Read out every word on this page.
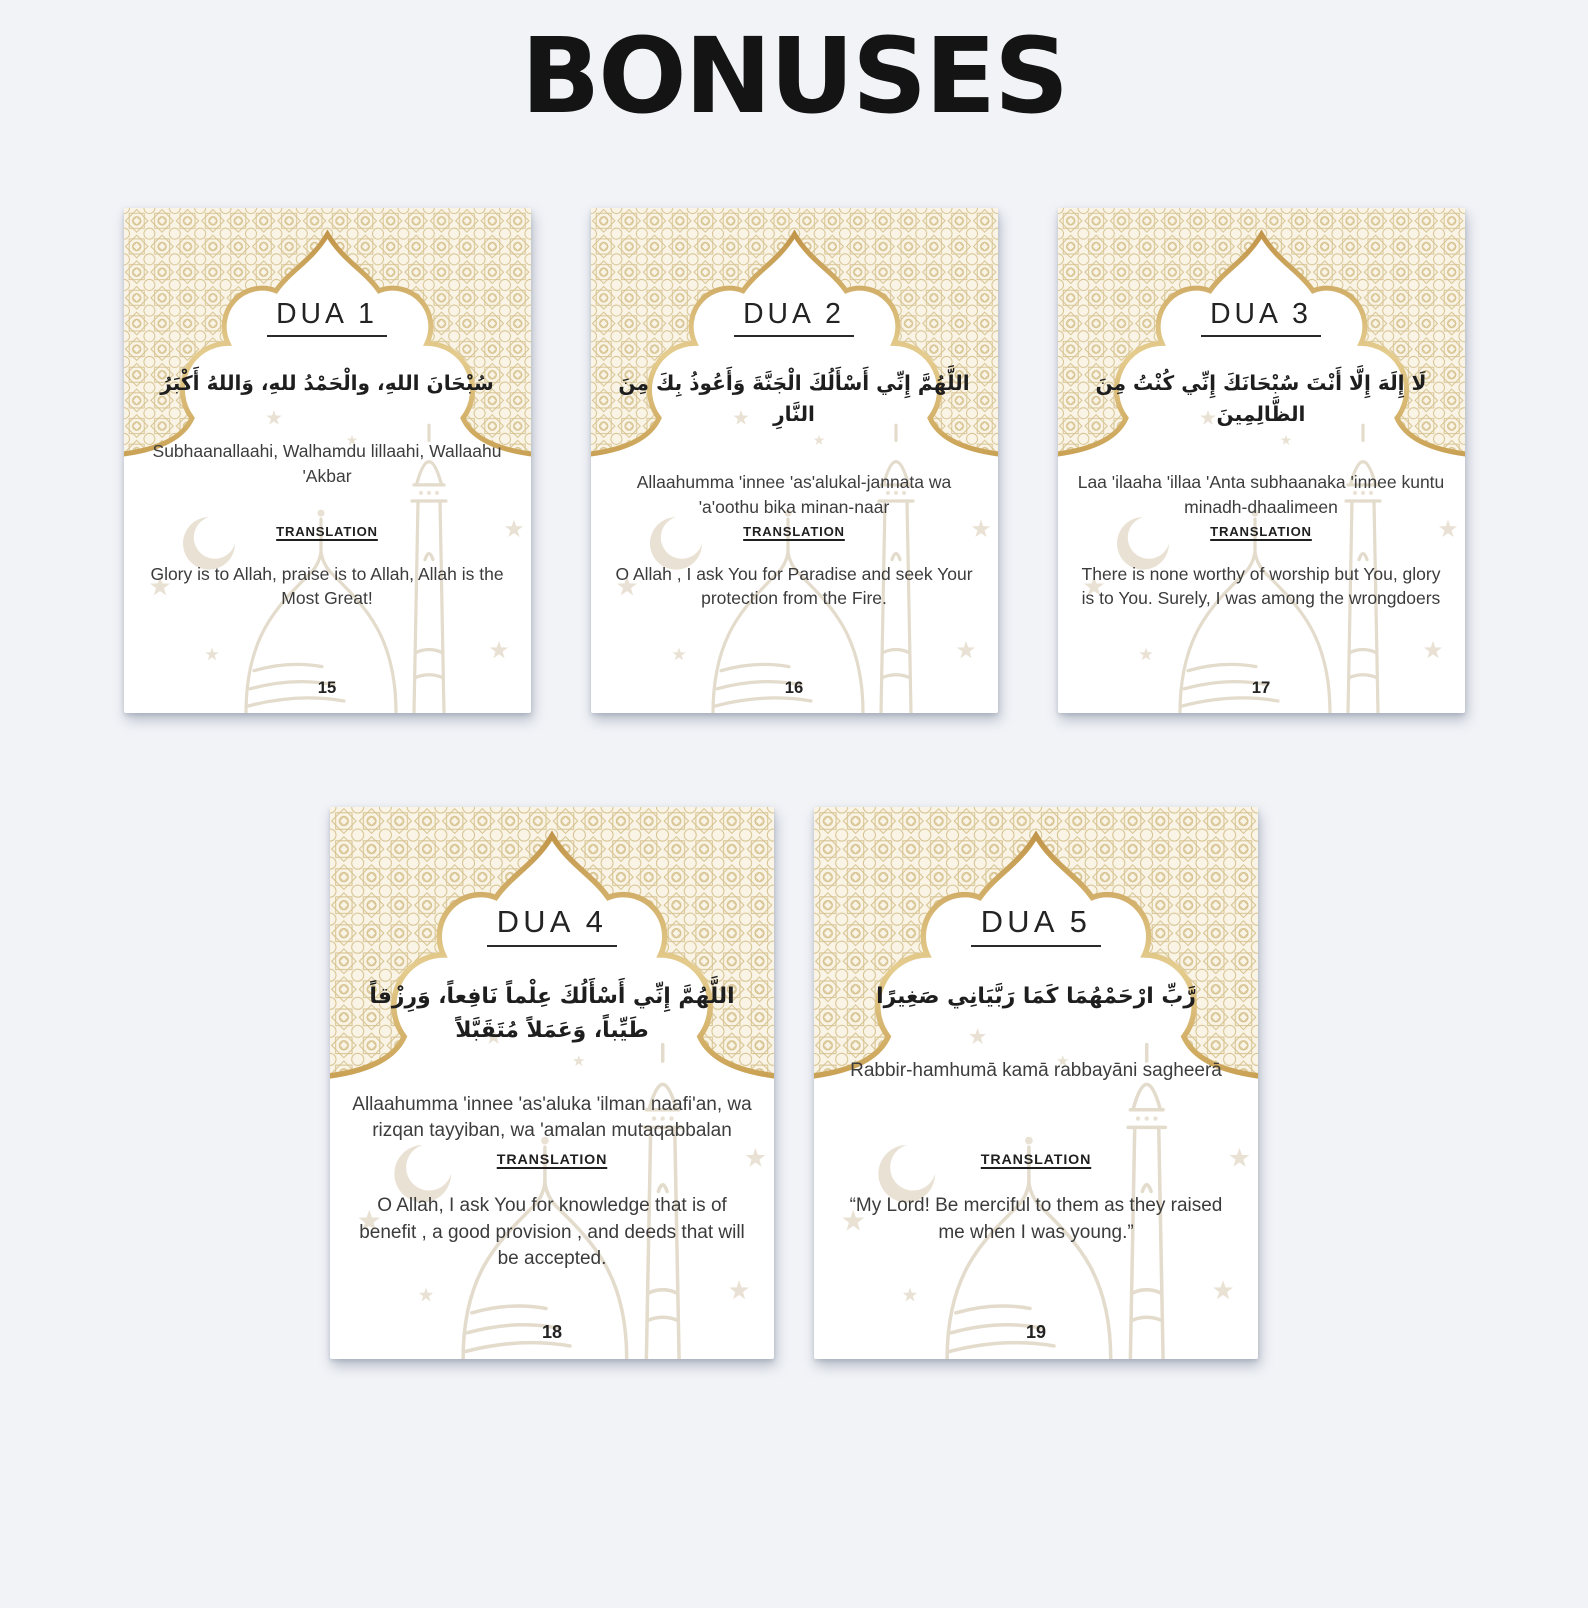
BONUSES
DUA 1
سُبْحَانَ اللهِ، والْحَمْدُ للهِ، وَاللهُ أَكْبَرُ
Subhaanallaahi, Walhamdu lillaahi, Wallaahu 'Akbar
TRANSLATION
Glory is to Allah, praise is to Allah, Allah is the Most Great!
15
DUA 2
اللَّهُمَّ إِنِّي أَسْأَلُكَ الْجَنَّةَ وَأَعُوذُ بِكَ مِنَ النَّارِ
Allaahumma 'innee 'as'alukal-jannata wa 'a'oothu bika minan-naar
TRANSLATION
O Allah , I ask You for Paradise and seek Your protection from the Fire.
16
DUA 3
لَا إِلَهَ إِلَّا أَنْتَ سُبْحَانَكَ إِنِّي كُنْتُ مِنَ الظَّالِمِينَ
Laa 'ilaaha 'illaa 'Anta subhaanaka 'innee kuntu minadh-dhaalimeen
TRANSLATION
There is none worthy of worship but You, glory is to You. Surely, I was among the wrongdoers
17
DUA 4
اللَّهُمَّ إِنِّي أَسْأَلُكَ عِلْماً نَافِعاً، وَرِزْقاً طَيِّباً، وَعَمَلاً مُتَقَبَّلاً
Allaahumma 'innee 'as'aluka 'ilman naafi'an, wa rizqan tayyiban, wa 'amalan mutaqabbalan
TRANSLATION
O Allah, I ask You for knowledge that is of benefit , a good provision , and deeds that will be accepted.
18
DUA 5
رَّبِّ ارْحَمْهُمَا كَمَا رَبَّيَانِي صَغِيرًا
Rabbir-hamhumā kamā rabbayāni sagheerā
TRANSLATION
“My Lord! Be merciful to them as they raised me when I was young.”
19
